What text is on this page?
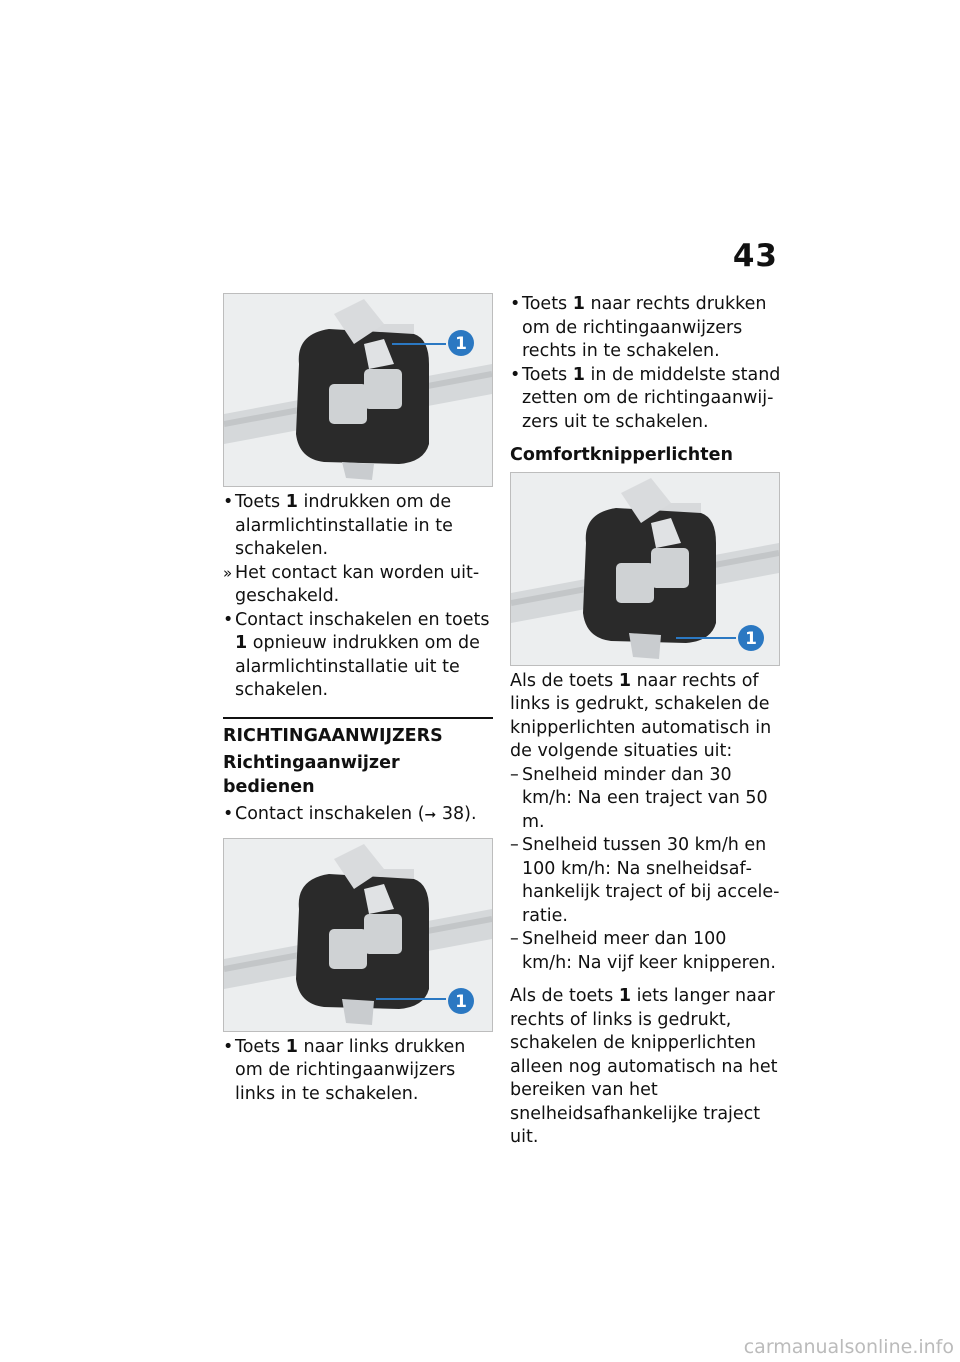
43
1

• Toets 1 indrukken om de alarmlichtinstallatie in te schakelen.

» Het contact kan worden uitgeschakeld.

• Contact inschakelen en toets 1 opnieuw indrukken om de alarmlichtinstallatie uit te schakelen.

RICHTINGAANWIJZERS

Richtingaanwijzer bedienen

• Contact inschakelen (➞ 38).

1

• Toets 1 naar links drukken om de richtingaanwijzers links in te schakelen.

• Toets 1 naar rechts drukken om de richtingaanwijzers rechts in te schakelen.

• Toets 1 in de middelste stand zetten om de richtingaanwijzers uit te schakelen.

Comfortknipperlichten

1

Als de toets 1 naar rechts of links is gedrukt, schakelen de knipperlichten automatisch in de volgende situaties uit:

– Snelheid minder dan 30 km/h: Na een traject van 50 m.

– Snelheid tussen 30 km/h en 100 km/h: Na snelheidsafhankelijk traject of bij acceleratie.

– Snelheid meer dan 100 km/h: Na vijf keer knipperen.

Als de toets 1 iets langer naar rechts of links is gedrukt, schakelen de knipperlichten alleen nog automatisch na het bereiken van het snelheidsafhankelijke traject uit.

carmanualsonline.info
